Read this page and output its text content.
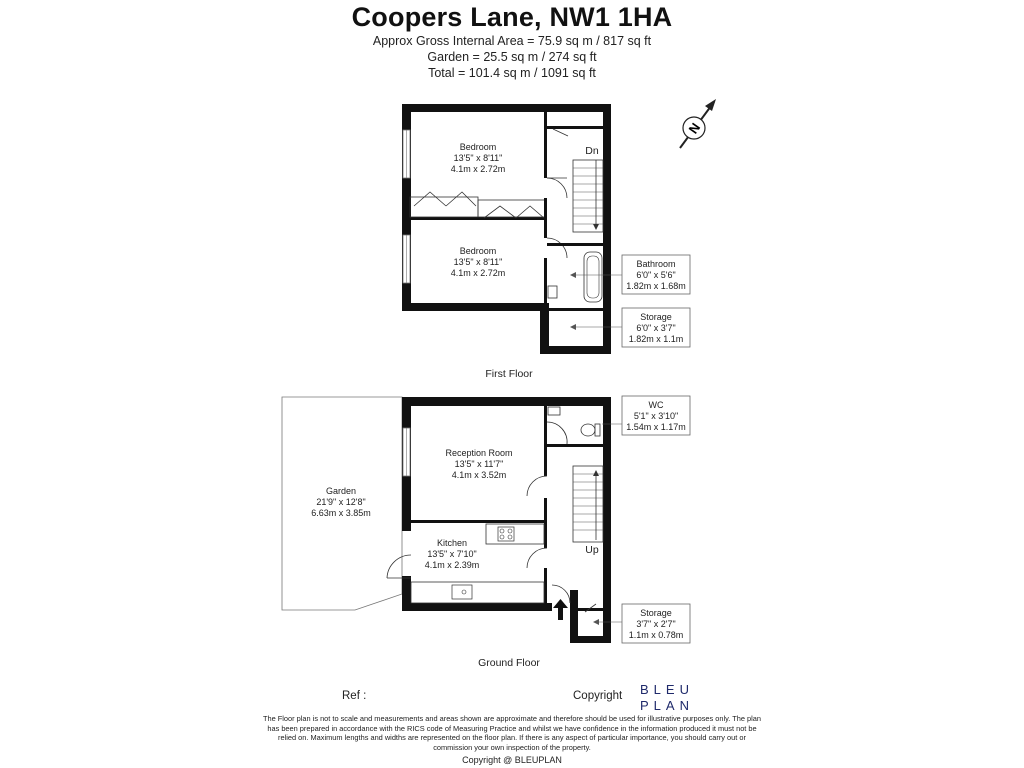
Coopers Lane, NW1 1HA
Approx Gross Internal Area = 75.9 sq m / 817 sq ft
Garden = 25.5 sq m / 274 sq ft
Total = 101.4 sq m / 1091 sq ft
N
Dn
Bedroom
13'5" x 8'11"
4.1m x 2.72m
Bedroom
13'5" x 8'11"
4.1m x 2.72m
Bathroom
6'0" x 5'6"
1.82m x 1.68m
Storage
6'0" x 3'7"
1.82m x 1.1m
First Floor
Garden
21'9" x 12'8"
6.63m x 3.85m
Up
Reception Room
13'5" x 11'7"
4.1m x 3.52m
Kitchen
13'5" x 7'10"
4.1m x 2.39m
WC
5'1" x 3'10"
1.54m x 1.17m
Storage
3'7" x 2'7"
1.1m x 0.78m
Ground Floor
Ref :	Copyright BLEU
PLAN
The Floor plan is not to scale and measurements and areas shown are approximate and therefore should be used for illustrative purposes only. The plan has been prepared in accordance with the RICS code of Measuring Practice and whilst we have confidence in the information produced it must not be relied on. Maximum lengths and widths are represented on the floor plan. If there is any aspect of particular importance, you should carry out or commission your own inspection of the property.
Copyright @ BLEUPLAN
